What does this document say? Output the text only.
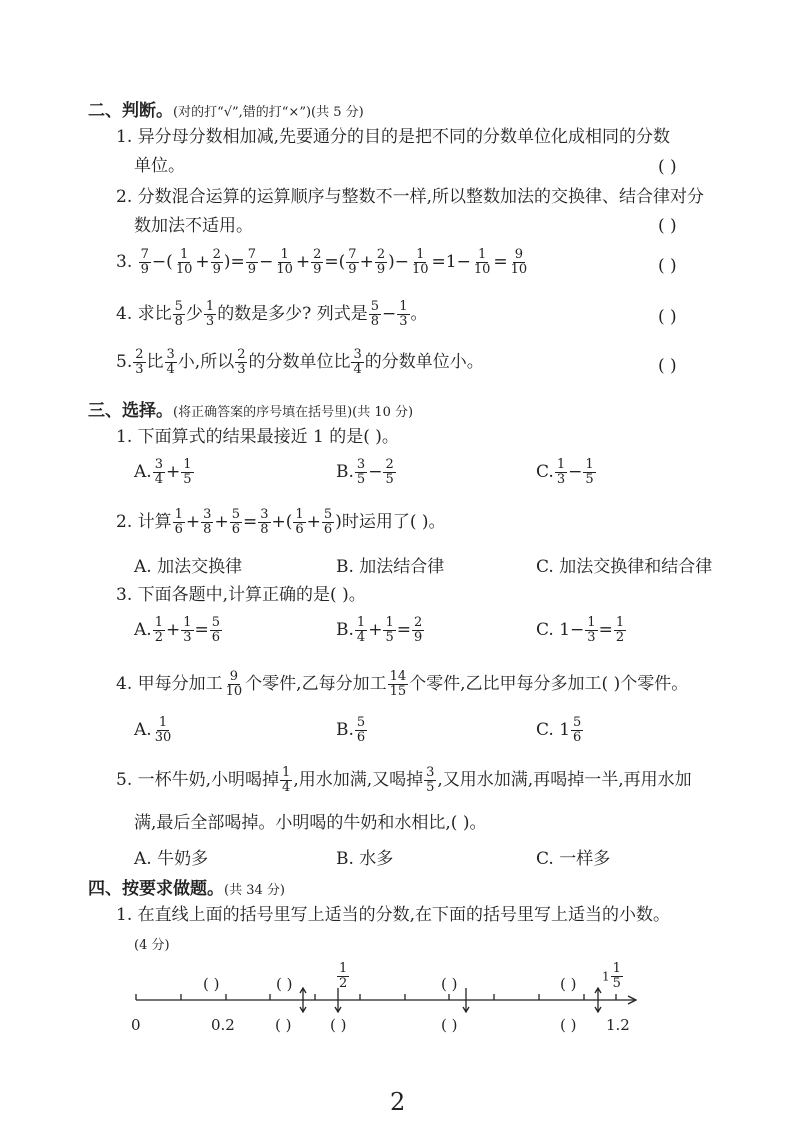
二、判断。(对的打“√”,错的打“×”)(共 5 分)
1. 异分母分数相加减,先要通分的目的是把不同的分数单位化成相同的分数
单位。	( )
2. 分数混合运算的运算顺序与整数不一样,所以整数加法的交换律、结合律对分
数加法不适用。	( )
3. $\frac{7}{9}$ −( $\frac{1}{10} + \frac{2}{9}$ )= $\frac{7}{9} - \frac{1}{10} + \frac{2}{9}$ =( $\frac{7}{9} + \frac{2}{9}$ )− $\frac{1}{10} =1- \frac{1}{10} = \frac{9}{10}$	( )
4. 求比 $\frac{5}{8}$ 少 $\frac{1}{3}$ 的数是多少? 列式是 $\frac{5}{8} - \frac{1}{3}$ 。	( )
5. $\frac{2}{3}$ 比 $\frac{3}{4}$ 小,所以 $\frac{2}{3}$ 的分数单位比 $\frac{3}{4}$ 的分数单位小。	( )
三、选择。(将正确答案的序号填在括号里)(共 10 分)
1. 下面算式的结果最接近 1 的是( )。
A. $\frac{3}{4} + \frac{1}{5}$	B. $\frac{3}{5} - \frac{2}{5}$	C. $\frac{1}{3} - \frac{1}{5}$
2. 计算 $\frac{1}{6} + \frac{3}{8} + \frac{5}{6} = \frac{3}{8}$ +( $\frac{1}{6} + \frac{5}{6}$ )时运用了( )。
A. 加法交换律	B. 加法结合律	C. 加法交换律和结合律
3. 下面各题中,计算正确的是( )。
A. $\frac{1}{2} + \frac{1}{3} = \frac{5}{6}$	B. $\frac{1}{4} + \frac{1}{5} = \frac{2}{9}$	C. $1- \frac{1}{3} = \frac{1}{2}$
4. 甲每分加工 $\frac{9}{10}$ 个零件,乙每分加工 $\frac{14}{15}$ 个零件,乙比甲每分多加工( )个零件。
A. $\frac{1}{30}$	B. $\frac{5}{6}$	C. $1 \frac{5}{6}$
5. 一杯牛奶,小明喝掉 $\frac{1}{4}$ ,用水加满,又喝掉 $\frac{3}{5}$ ,又用水加满,再喝掉一半,再用水加
满,最后全部喝掉。小明喝的牛奶和水相比,( )。
A. 牛奶多	B. 水多	C. 一样多
四、按要求做题。(共 34 分)
1. 在直线上面的括号里写上适当的分数,在下面的括号里写上适当的小数。
(4 分)
( )	( )	( )	( )
$\frac{1}{2}$	$1 \frac{1}{5}$
0	0.2	( )	( )	( )	( ) 1.2
2
